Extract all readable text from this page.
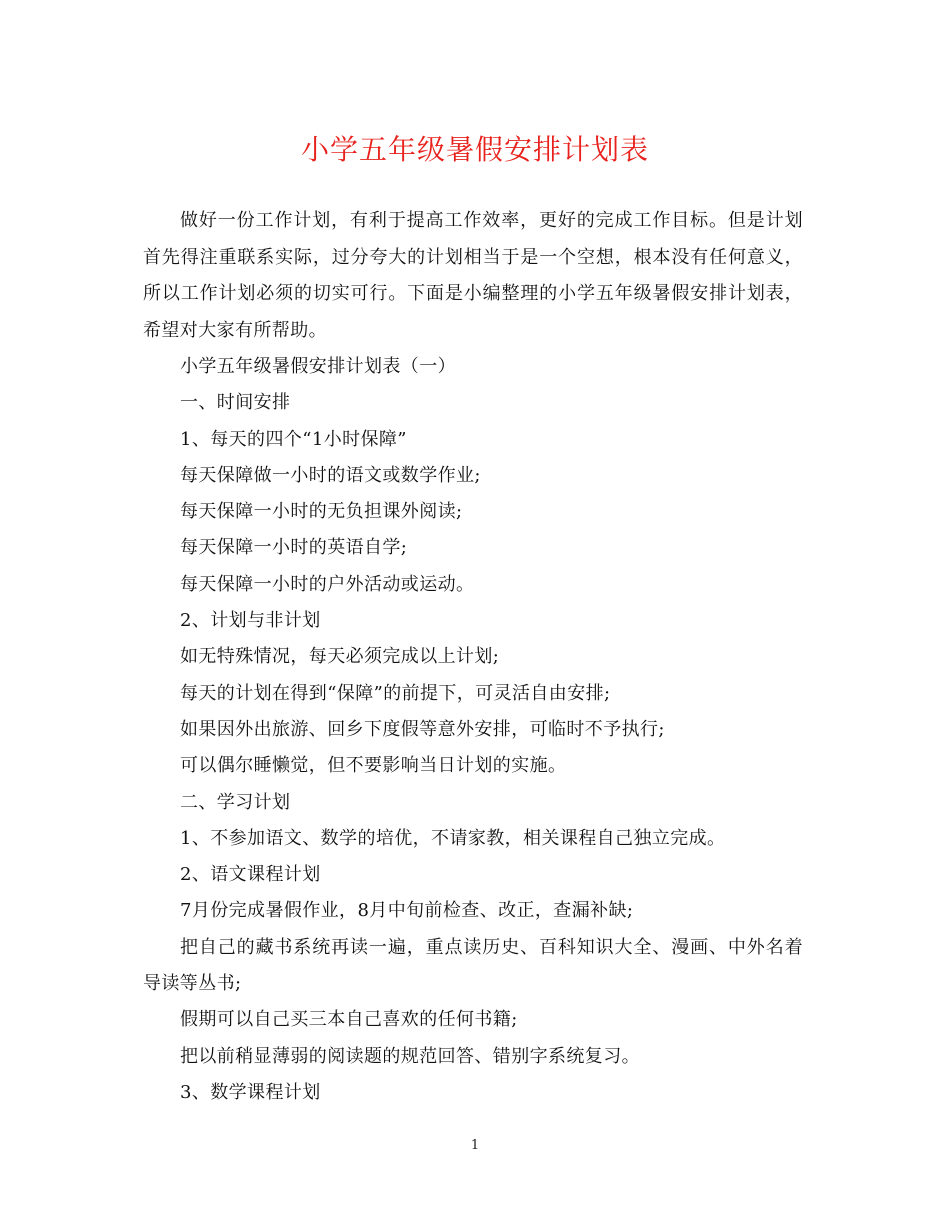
小学五年级暑假安排计划表

做好一份工作计划，有利于提高工作效率，更好的完成工作目标。但是计划首先得注重联系实际，过分夸大的计划相当于是一个空想，根本没有任何意义，所以工作计划必须的切实可行。下面是小编整理的小学五年级暑假安排计划表，希望对大家有所帮助。

小学五年级暑假安排计划表（一）
一、时间安排
1、每天的四个“1小时保障”
每天保障做一小时的语文或数学作业;
每天保障一小时的无负担课外阅读;
每天保障一小时的英语自学;
每天保障一小时的户外活动或运动。
2、计划与非计划
如无特殊情况，每天必须完成以上计划;
每天的计划在得到“保障”的前提下，可灵活自由安排;
如果因外出旅游、回乡下度假等意外安排，可临时不予执行;
可以偶尔睡懒觉，但不要影响当日计划的实施。
二、学习计划
1、不参加语文、数学的培优，不请家教，相关课程自己独立完成。
2、语文课程计划
7月份完成暑假作业，8月中旬前检查、改正，查漏补缺;
把自己的藏书系统再读一遍，重点读历史、百科知识大全、漫画、中外名着导读等丛书;
假期可以自己买三本自己喜欢的任何书籍;
把以前稍显薄弱的阅读题的规范回答、错别字系统复习。
3、数学课程计划
1
